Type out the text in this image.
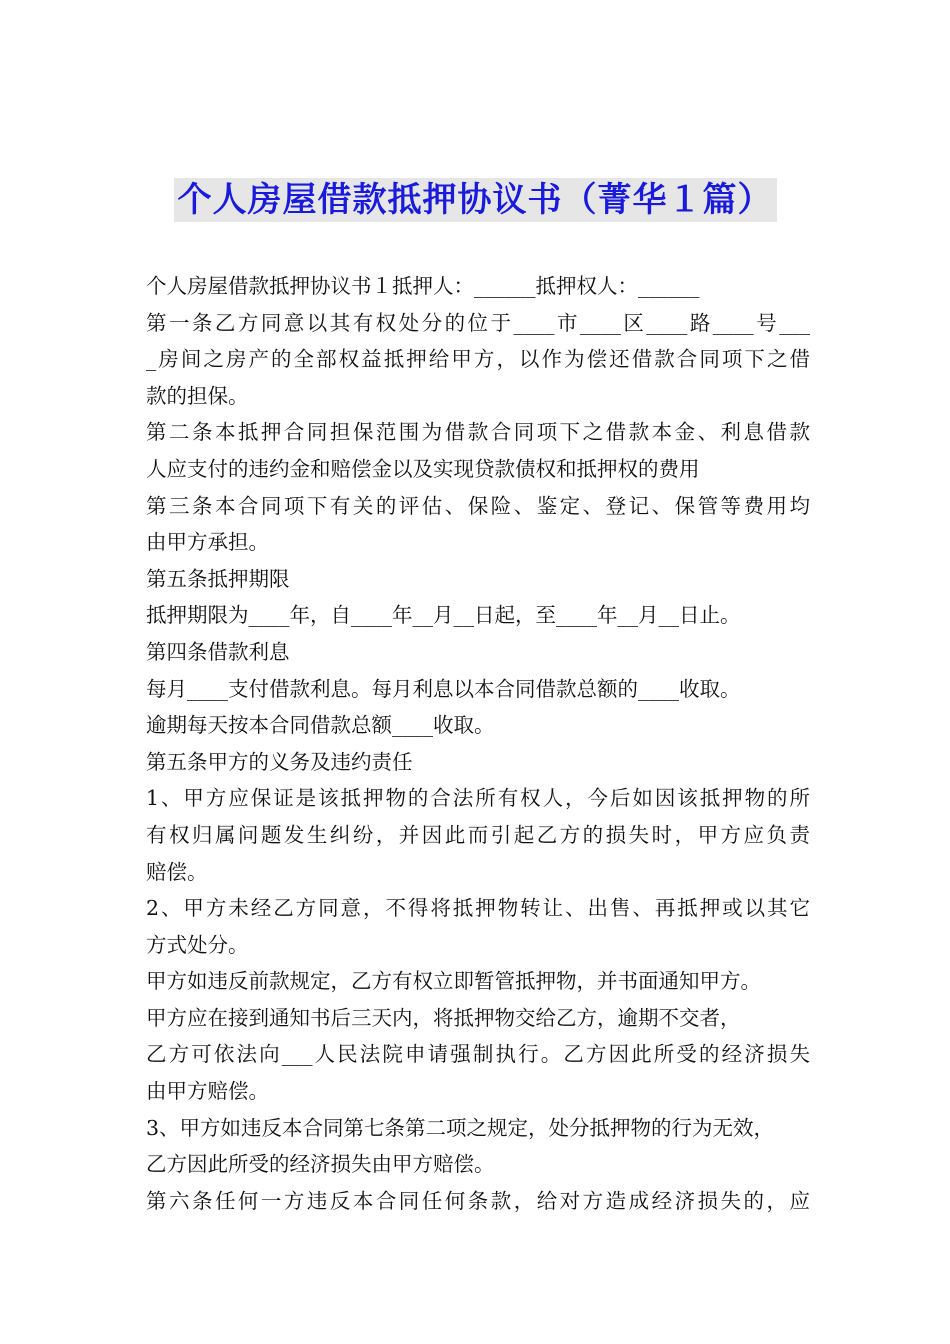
个人房屋借款抵押协议书（菁华１篇）
个人房屋借款抵押协议书１抵押人：______抵押权人：______
第一条乙方同意以其有权处分的位于____市____区____路____号___
_房间之房产的全部权益抵押给甲方，以作为偿还借款合同项下之借
款的担保。
第二条本抵押合同担保范围为借款合同项下之借款本金、利息借款
人应支付的违约金和赔偿金以及实现贷款债权和抵押权的费用
第三条本合同项下有关的评估、保险、鉴定、登记、保管等费用均
由甲方承担。
第五条抵押期限
抵押期限为____年，自____年__月__日起，至____年__月__日止。
第四条借款利息
每月____支付借款利息。每月利息以本合同借款总额的____收取。
逾期每天按本合同借款总额____收取。
第五条甲方的义务及违约责任
1、甲方应保证是该抵押物的合法所有权人，今后如因该抵押物的所
有权归属问题发生纠纷，并因此而引起乙方的损失时，甲方应负责
赔偿。
2、甲方未经乙方同意，不得将抵押物转让、出售、再抵押或以其它
方式处分。
甲方如违反前款规定，乙方有权立即暂管抵押物，并书面通知甲方。
甲方应在接到通知书后三天内，将抵押物交给乙方，逾期不交者，
乙方可依法向___人民法院申请强制执行。乙方因此所受的经济损失
由甲方赔偿。
3、甲方如违反本合同第七条第二项之规定，处分抵押物的行为无效，
乙方因此所受的经济损失由甲方赔偿。
第六条任何一方违反本合同任何条款，给对方造成经济损失的，应
